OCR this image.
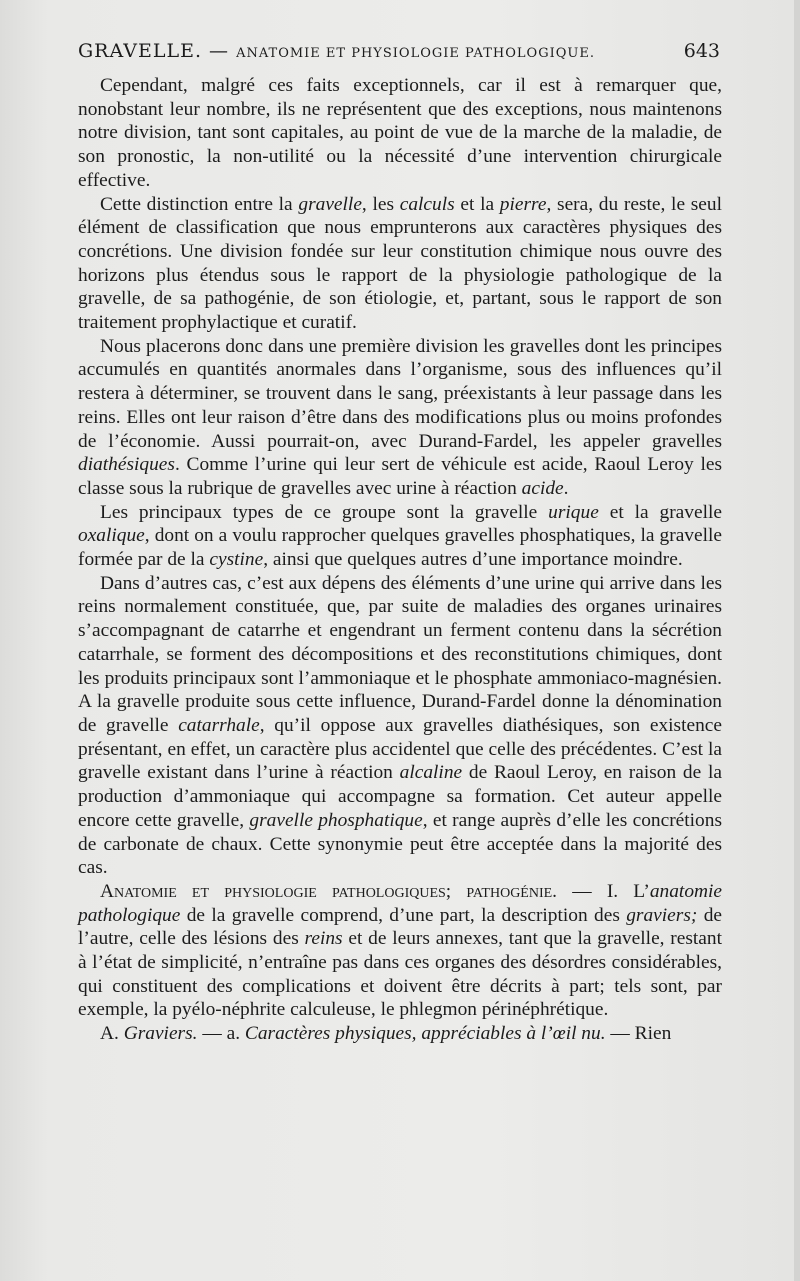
GRAVELLE. — ANATOMIE ET PHYSIOLOGIE PATHOLOGIQUE.	643

Cependant, malgré ces faits exceptionnels, car il est à remarquer que, nonobstant leur nombre, ils ne représentent que des exceptions, nous maintenons notre division, tant sont capitales, au point de vue de la marche de la maladie, de son pronostic, la non-utilité ou la nécessité d’une intervention chirurgicale effective.

Cette distinction entre la gravelle, les calculs et la pierre, sera, du reste, le seul élément de classification que nous emprunterons aux caractères physiques des concrétions. Une division fondée sur leur constitution chimique nous ouvre des horizons plus étendus sous le rapport de la physiologie pathologique de la gravelle, de sa pathogénie, de son étiologie, et, partant, sous le rapport de son traitement prophylactique et curatif.

Nous placerons donc dans une première division les gravelles dont les principes accumulés en quantités anormales dans l’organisme, sous des influences qu’il restera à déterminer, se trouvent dans le sang, préexistants à leur passage dans les reins. Elles ont leur raison d’être dans des modifications plus ou moins profondes de l’économie. Aussi pourrait-on, avec Durand-Fardel, les appeler gravelles diathésiques. Comme l’urine qui leur sert de véhicule est acide, Raoul Leroy les classe sous la rubrique de gravelles avec urine à réaction acide.

Les principaux types de ce groupe sont la gravelle urique et la gravelle oxalique, dont on a voulu rapprocher quelques gravelles phosphatiques, la gravelle formée par de la cystine, ainsi que quelques autres d’une importance moindre.

Dans d’autres cas, c’est aux dépens des éléments d’une urine qui arrive dans les reins normalement constituée, que, par suite de maladies des organes urinaires s’accompagnant de catarrhe et engendrant un ferment contenu dans la sécrétion catarrhale, se forment des décompositions et des reconstitutions chimiques, dont les produits principaux sont l’ammoniaque et le phosphate ammoniaco-magnésien. A la gravelle produite sous cette influence, Durand-Fardel donne la dénomination de gravelle catarrhale, qu’il oppose aux gravelles diathésiques, son existence présentant, en effet, un caractère plus accidentel que celle des précédentes. C’est la gravelle existant dans l’urine à réaction alcaline de Raoul Leroy, en raison de la production d’ammoniaque qui accompagne sa formation. Cet auteur appelle encore cette gravelle, gravelle phosphatique, et range auprès d’elle les concrétions de carbonate de chaux. Cette synonymie peut être acceptée dans la majorité des cas.

Anatomie et physiologie pathologiques; pathogénie. — I. L’anatomie pathologique de la gravelle comprend, d’une part, la description des graviers; de l’autre, celle des lésions des reins et de leurs annexes, tant que la gravelle, restant à l’état de simplicité, n’entraîne pas dans ces organes des désordres considérables, qui constituent des complications et doivent être décrits à part; tels sont, par exemple, la pyélo-néphrite calculeuse, le phlegmon périnéphrétique.

A. Graviers. — a. Caractères physiques, appréciables à l’œil nu. — Rien
